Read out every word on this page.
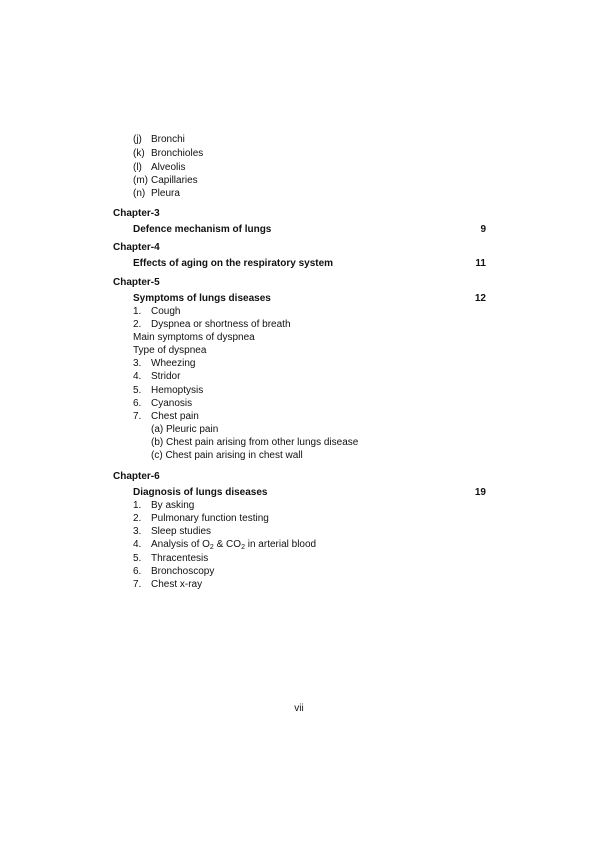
(j) Bronchi
(k) Bronchioles
(l) Alveolis
(m) Capillaries
(n) Pleura
Chapter-3
Defence mechanism of lungs	9
Chapter-4
Effects of aging on the respiratory system	11
Chapter-5
Symptoms of lungs diseases	12
1. Cough
2. Dyspnea or shortness of breath
Main symptoms of dyspnea
Type of dyspnea
3. Wheezing
4. Stridor
5. Hemoptysis
6. Cyanosis
7. Chest pain
(a) Pleuric pain
(b) Chest pain arising from other lungs disease
(c) Chest pain arising in chest wall
Chapter-6
Diagnosis of lungs diseases	19
1. By asking
2. Pulmonary function testing
3. Sleep studies
4. Analysis of $O_2$ & $CO_2$ in arterial blood
5. Thracentesis
6. Bronchoscopy
7. Chest x-ray
vii
